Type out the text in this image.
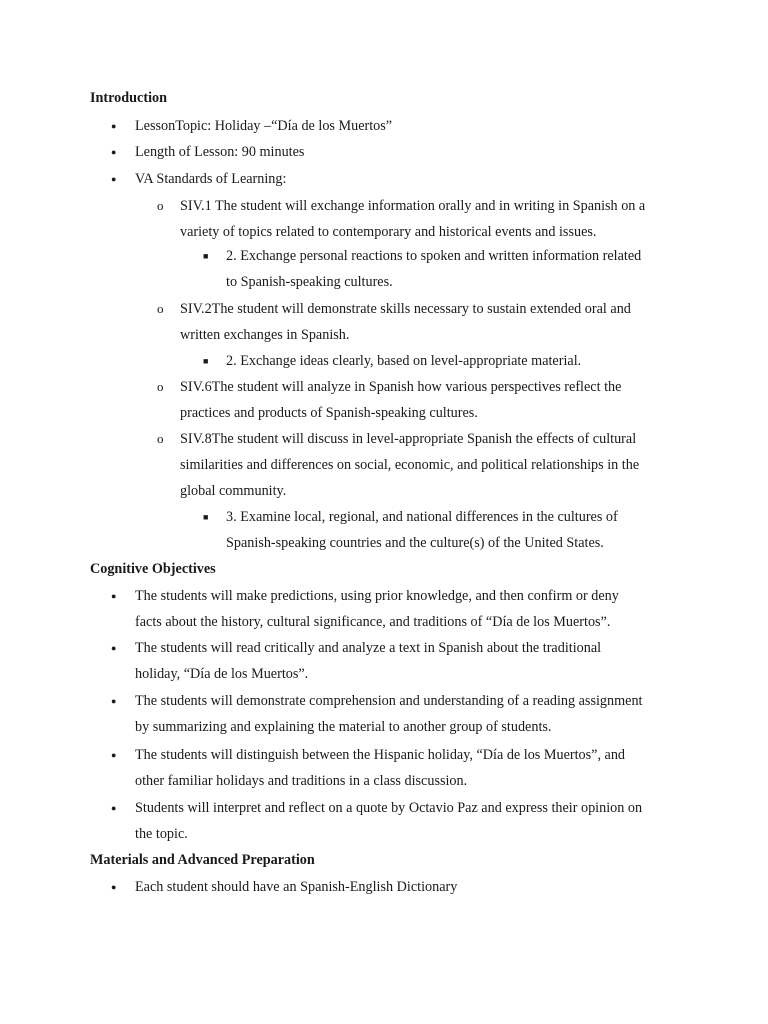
Introduction
● LessonTopic: Holiday –“Día de los Muertos”
● Length of Lesson: 90 minutes
● VA Standards of Learning:
o SIV.1 The student will exchange information orally and in writing in Spanish on a
variety of topics related to contemporary and historical events and issues.
■ 2. Exchange personal reactions to spoken and written information related
to Spanish-speaking cultures.
o SIV.2The student will demonstrate skills necessary to sustain extended oral and
written exchanges in Spanish.
■ 2. Exchange ideas clearly, based on level-appropriate material.
o SIV.6The student will analyze in Spanish how various perspectives reflect the
practices and products of Spanish-speaking cultures.
o SIV.8The student will discuss in level-appropriate Spanish the effects of cultural
similarities and differences on social, economic, and political relationships in the
global community.
■ 3. Examine local, regional, and national differences in the cultures of
Spanish-speaking countries and the culture(s) of the United States.
Cognitive Objectives
● The students will make predictions, using prior knowledge, and then confirm or deny
facts about the history, cultural significance, and traditions of “Día de los Muertos”.
● The students will read critically and analyze a text in Spanish about the traditional
holiday, “Día de los Muertos”.
● The students will demonstrate comprehension and understanding of a reading assignment
by summarizing and explaining the material to another group of students.
● The students will distinguish between the Hispanic holiday, “Día de los Muertos”, and
other familiar holidays and traditions in a class discussion.
● Students will interpret and reflect on a quote by Octavio Paz and express their opinion on
the topic.
Materials and Advanced Preparation
● Each student should have an Spanish-English Dictionary
